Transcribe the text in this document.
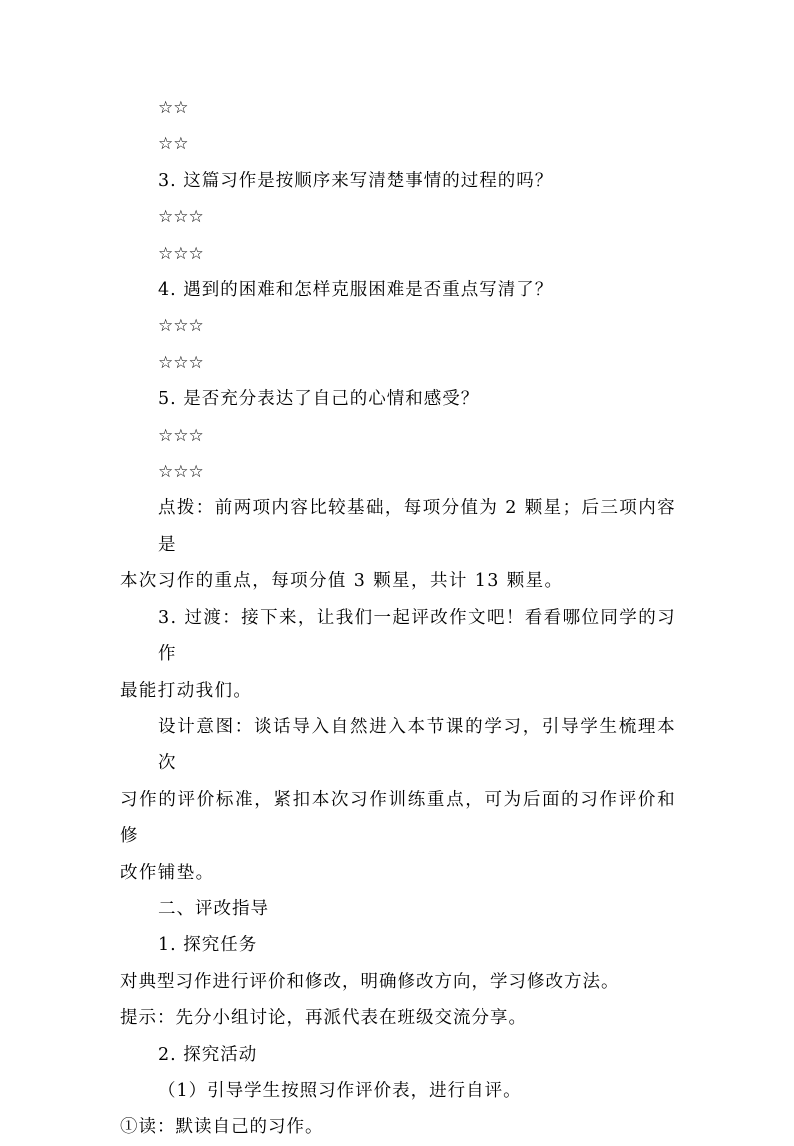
☆☆
☆☆
3. 这篇习作是按顺序来写清楚事情的过程的吗？
☆☆☆
☆☆☆
4. 遇到的困难和怎样克服困难是否重点写清了？
☆☆☆
☆☆☆
5. 是否充分表达了自己的心情和感受？
☆☆☆
☆☆☆
点拨：前两项内容比较基础，每项分值为 2 颗星；后三项内容是
本次习作的重点，每项分值 3 颗星，共计 13 颗星。
3. 过渡：接下来，让我们一起评改作文吧！看看哪位同学的习作
最能打动我们。
设计意图：谈话导入自然进入本节课的学习，引导学生梳理本次
习作的评价标准，紧扣本次习作训练重点，可为后面的习作评价和修
改作铺垫。
二、评改指导
1. 探究任务
对典型习作进行评价和修改，明确修改方向，学习修改方法。
提示：先分小组讨论，再派代表在班级交流分享。
2. 探究活动
（1）引导学生按照习作评价表，进行自评。
①读：默读自己的习作。
